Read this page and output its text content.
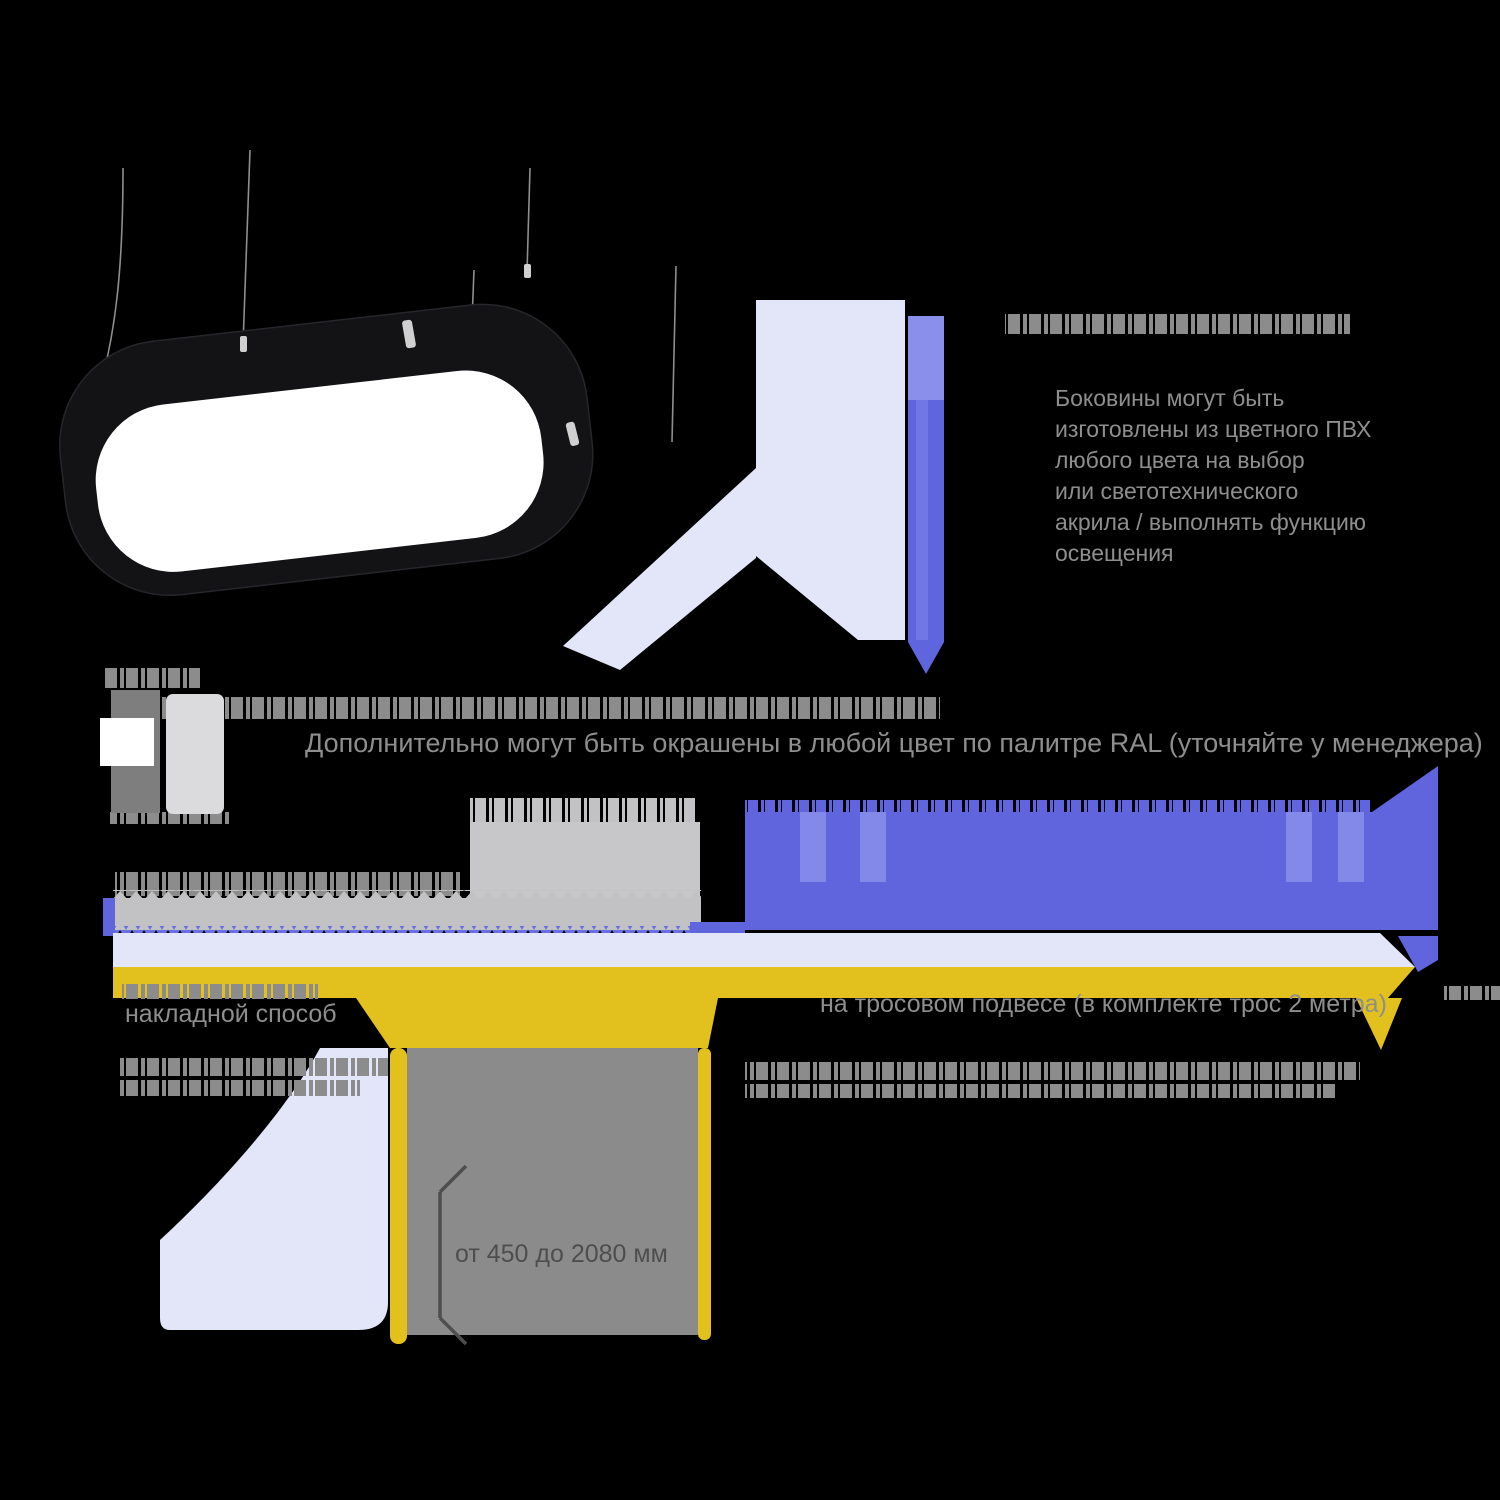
Боковины могут быть
изготовлены из цветного ПВХ
любого цвета на выбор
или светотехнического
акрила / выполнять функцию
освещения
Дополнительно могут быть окрашены в любой цвет по палитре RAL (уточняйте у менеджера)
накладной способ	на тросовом подвесе (в комплекте трос 2 метра)
от 450 до 2080 мм
